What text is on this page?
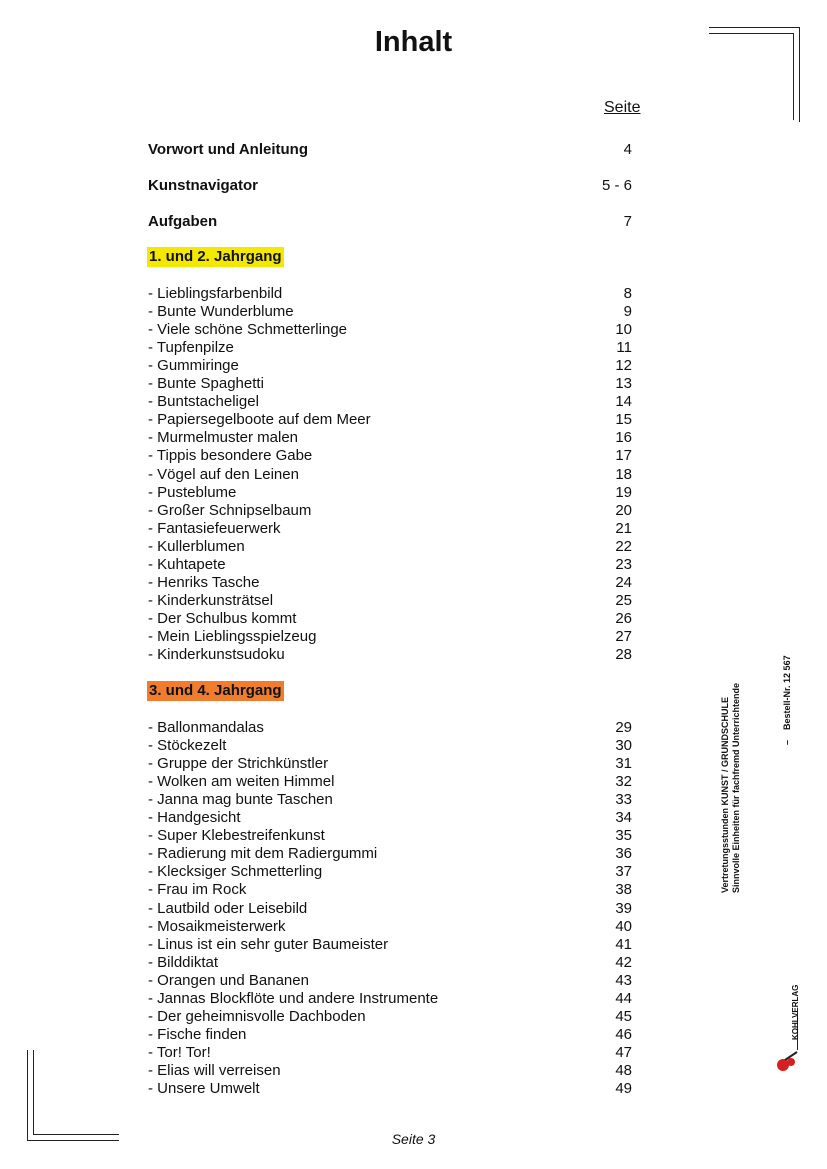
Inhalt
Seite
Vorwort und Anleitung	4
Kunstnavigator	5 - 6
Aufgaben	7
1. und 2. Jahrgang
- Lieblingsfarbenbild	8
- Bunte Wunderblume	9
- Viele schöne Schmetterlinge	10
- Tupfenpilze	11
- Gummiringe	12
- Bunte Spaghetti	13
- Buntstacheligel	14
- Papiersegelboote auf dem Meer	15
- Murmelmuster malen	16
- Tippis besondere Gabe	17
- Vögel auf den Leinen	18
- Pusteblume	19
- Großer Schnipselbaum	20
- Fantasiefeuerwerk	21
- Kullerblumen	22
- Kuhtapete	23
- Henriks Tasche	24
- Kinderkunsträtsel	25
- Der Schulbus kommt	26
- Mein Lieblingsspielzeug	27
- Kinderkunstsudoku	28
3. und 4. Jahrgang
- Ballonmandalas	29
- Stöckezelt	30
- Gruppe der Strichkünstler	31
- Wolken am weiten Himmel	32
- Janna mag bunte Taschen	33
- Handgesicht	34
- Super Klebestreifenkunst	35
- Radierung mit dem Radiergummi	36
- Klecksiger Schmetterling	37
- Frau im Rock	38
- Lautbild oder Leisebild	39
- Mosaikmeisterwerk	40
- Linus ist ein sehr guter Baumeister	41
- Bilddiktat	42
- Orangen und Bananen	43
- Jannas Blockflöte und andere Instrumente	44
- Der geheimnisvolle Dachboden	45
- Fische finden	46
- Tor! Tor!	47
- Elias will verreisen	48
- Unsere Umwelt	49
Seite 3
Vertretungsstunden KUNST / GRUNDSCHULE Sinnvolle Einheiten für fachfremd Unterrichtende	–    Bestell-Nr. 12 567
KOHLVERLAG
